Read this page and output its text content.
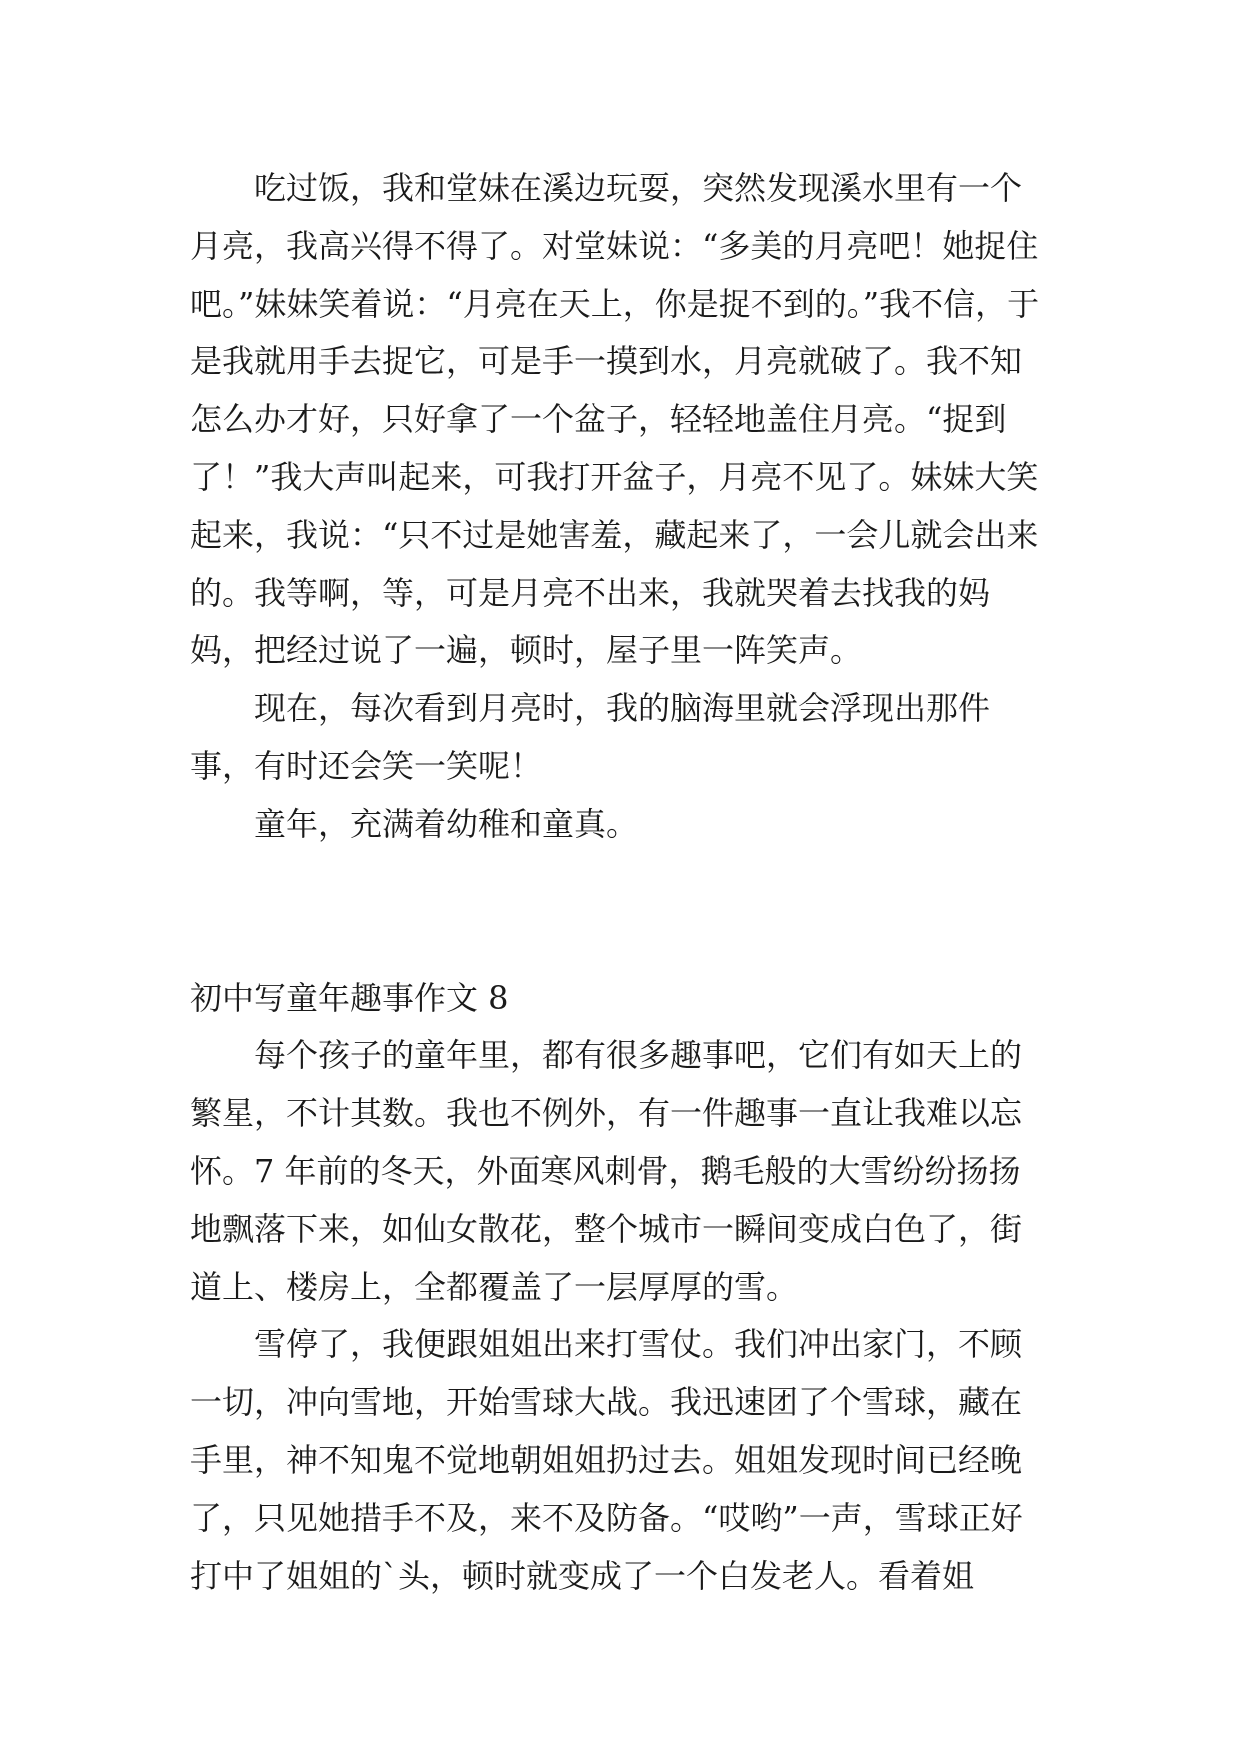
吃过饭，我和堂妹在溪边玩耍，突然发现溪水里有一个月亮，我高兴得不得了。对堂妹说：“多美的月亮吧！她捉住吧。”妹妹笑着说：“月亮在天上，你是捉不到的。”我不信，于是我就用手去捉它，可是手一摸到水，月亮就破了。我不知怎么办才好，只好拿了一个盆子，轻轻地盖住月亮。“捉到了！”我大声叫起来，可我打开盆子，月亮不见了。妹妹大笑起来，我说：“只不过是她害羞，藏起来了，一会儿就会出来的。我等啊，等，可是月亮不出来，我就哭着去找我的妈妈，把经过说了一遍，顿时，屋子里一阵笑声。

现在，每次看到月亮时，我的脑海里就会浮现出那件事，有时还会笑一笑呢！

童年，充满着幼稚和童真。

初中写童年趣事作文 8

每个孩子的童年里，都有很多趣事吧，它们有如天上的繁星，不计其数。我也不例外，有一件趣事一直让我难以忘怀。7 年前的冬天，外面寒风刺骨，鹅毛般的大雪纷纷扬扬地飘落下来，如仙女散花，整个城市一瞬间变成白色了，街道上、楼房上，全都覆盖了一层厚厚的雪。

雪停了，我便跟姐姐出来打雪仗。我们冲出家门，不顾一切，冲向雪地，开始雪球大战。我迅速团了个雪球，藏在手里，神不知鬼不觉地朝姐姐扔过去。姐姐发现时间已经晚了，只见她措手不及，来不及防备。“哎哟”一声，雪球正好打中了姐姐的`头，顿时就变成了一个白发老人。看着姐
